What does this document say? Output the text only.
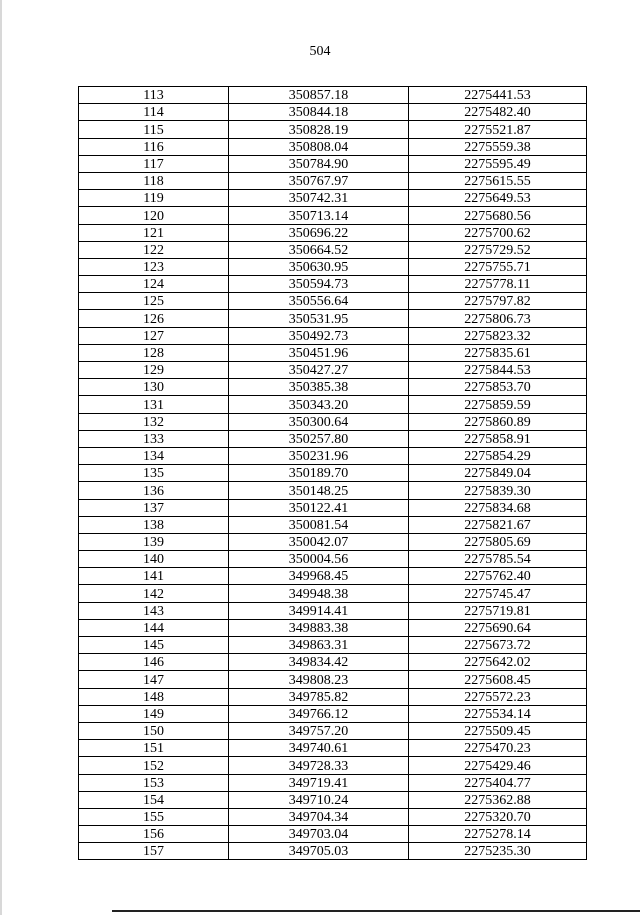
504
113	350857.18	2275441.53
114	350844.18	2275482.40
115	350828.19	2275521.87
116	350808.04	2275559.38
117	350784.90	2275595.49
118	350767.97	2275615.55
119	350742.31	2275649.53
120	350713.14	2275680.56
121	350696.22	2275700.62
122	350664.52	2275729.52
123	350630.95	2275755.71
124	350594.73	2275778.11
125	350556.64	2275797.82
126	350531.95	2275806.73
127	350492.73	2275823.32
128	350451.96	2275835.61
129	350427.27	2275844.53
130	350385.38	2275853.70
131	350343.20	2275859.59
132	350300.64	2275860.89
133	350257.80	2275858.91
134	350231.96	2275854.29
135	350189.70	2275849.04
136	350148.25	2275839.30
137	350122.41	2275834.68
138	350081.54	2275821.67
139	350042.07	2275805.69
140	350004.56	2275785.54
141	349968.45	2275762.40
142	349948.38	2275745.47
143	349914.41	2275719.81
144	349883.38	2275690.64
145	349863.31	2275673.72
146	349834.42	2275642.02
147	349808.23	2275608.45
148	349785.82	2275572.23
149	349766.12	2275534.14
150	349757.20	2275509.45
151	349740.61	2275470.23
152	349728.33	2275429.46
153	349719.41	2275404.77
154	349710.24	2275362.88
155	349704.34	2275320.70
156	349703.04	2275278.14
157	349705.03	2275235.30
